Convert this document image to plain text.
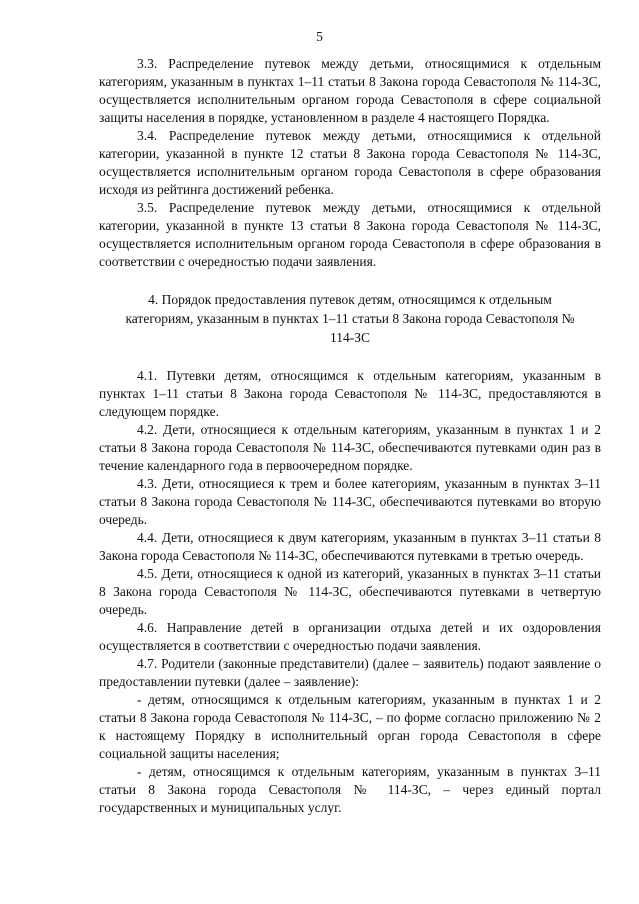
5

3.3. Распределение путевок между детьми, относящимися к отдельным категориям, указанным в пунктах 1–11 статьи 8 Закона города Севастополя № 114-ЗС, осуществляется исполнительным органом города Севастополя в сфере социальной защиты населения в порядке, установленном в разделе 4 настоящего Порядка.

3.4. Распределение путевок между детьми, относящимися к отдельной категории, указанной в пункте 12 статьи 8 Закона города Севастополя № 114-ЗС, осуществляется исполнительным органом города Севастополя в сфере образования исходя из рейтинга достижений ребенка.

3.5. Распределение путевок между детьми, относящимися к отдельной категории, указанной в пункте 13 статьи 8 Закона города Севастополя № 114-ЗС, осуществляется исполнительным органом города Севастополя в сфере образования в соответствии с очередностью подачи заявления.

4. Порядок предоставления путевок детям, относящимся к отдельным категориям, указанным в пунктах 1–11 статьи 8 Закона города Севастополя № 114-ЗС

4.1. Путевки детям, относящимся к отдельным категориям, указанным в пунктах 1–11 статьи 8 Закона города Севастополя № 114-ЗС, предоставляются в следующем порядке.

4.2. Дети, относящиеся к отдельным категориям, указанным в пунктах 1 и 2 статьи 8 Закона города Севастополя № 114-ЗС, обеспечиваются путевками один раз в течение календарного года в первоочередном порядке.

4.3. Дети, относящиеся к трем и более категориям, указанным в пунктах 3–11 статьи 8 Закона города Севастополя № 114-ЗС, обеспечиваются путевками во вторую очередь.

4.4. Дети, относящиеся к двум категориям, указанным в пунктах 3–11 статьи 8 Закона города Севастополя № 114-ЗС, обеспечиваются путевками в третью очередь.

4.5. Дети, относящиеся к одной из категорий, указанных в пунктах 3–11 статьи 8 Закона города Севастополя № 114-ЗС, обеспечиваются путевками в четвертую очередь.

4.6. Направление детей в организации отдыха детей и их оздоровления осуществляется в соответствии с очередностью подачи заявления.

4.7. Родители (законные представители) (далее – заявитель) подают заявление о предоставлении путевки (далее – заявление):

- детям, относящимся к отдельным категориям, указанным в пунктах 1 и 2 статьи 8 Закона города Севастополя № 114-ЗС, – по форме согласно приложению № 2 к настоящему Порядку в исполнительный орган города Севастополя в сфере социальной защиты населения;

- детям, относящимся к отдельным категориям, указанным в пунктах 3–11 статьи 8 Закона города Севастополя № 114-ЗС, – через единый портал государственных и муниципальных услуг.
